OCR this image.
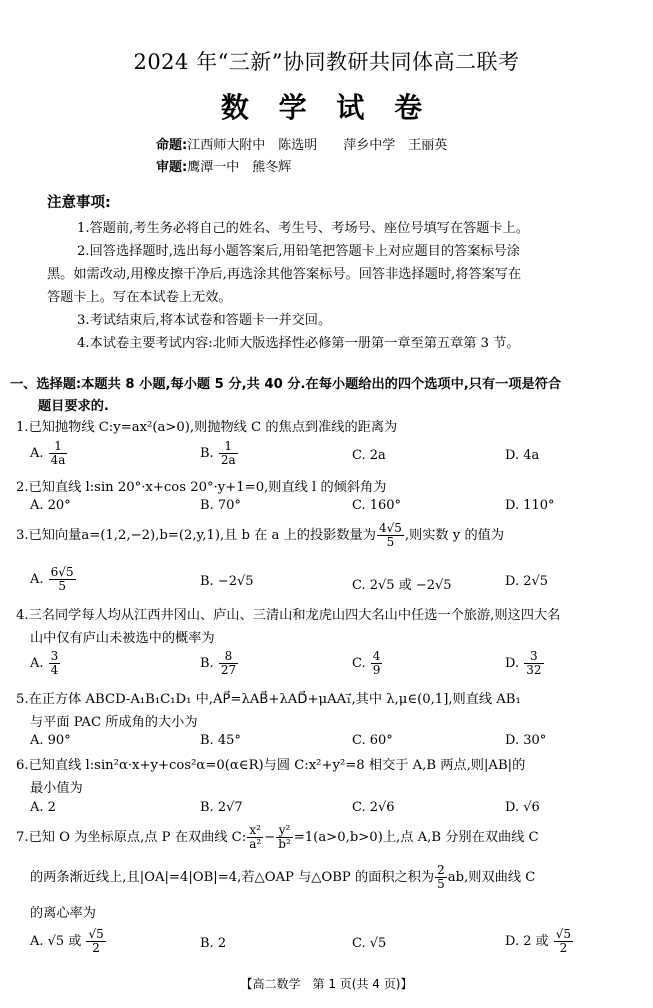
2024 年“三新”协同教研共同体高二联考
数 学 试 卷
命题:江西师大附中　陈选明　　萍乡中学　王丽英
审题:鹰潭一中　熊冬辉
注意事项:
1.答题前,考生务必将自己的姓名、考生号、考场号、座位号填写在答题卡上。
2.回答选择题时,选出每小题答案后,用铅笔把答题卡上对应题目的答案标号涂
黑。如需改动,用橡皮擦干净后,再选涂其他答案标号。回答非选择题时,将答案写在
答题卡上。写在本试卷上无效。
3.考试结束后,将本试卷和答题卡一并交回。
4.本试卷主要考试内容:北师大版选择性必修第一册第一章至第五章第 3 节。
一、选择题:本题共 8 小题,每小题 5 分,共 40 分.在每小题给出的四个选项中,只有一项是符合
题目要求的.
1.已知抛物线 C:y=ax²(a>0),则抛物线 C 的焦点到准线的距离为
A. $\frac{1}{4a}$	B. $\frac{1}{2a}$	C. 2a	D. 4a
2.已知直线 l:sin 20°·x+cos 20°·y+1=0,则直线 l 的倾斜角为
A. 20°	B. 70°	C. 160°	D. 110°
3.已知向量a=(1,2,−2),b=(2,y,1),且 b 在 a 上的投影数量为 $\frac{4√5}{5}$ ,则实数 y 的值为
A. $\frac{6√5}{5}$	B. −2√5	C. 2√5 或 −2√5	D. 2√5
4.三名同学每人均从江西井冈山、庐山、三清山和龙虎山四大名山中任选一个旅游,则这四大名
山中仅有庐山未被选中的概率为
A. $\frac{3}{4}$	B. $\frac{8}{27}$	C. $\frac{4}{9}$	D. $\frac{3}{32}$
5.在正方体 ABCD-A₁B₁C₁D₁ 中,AP⃗=λAB⃗+λAD⃗+μAA₁⃗,其中 λ,μ∈(0,1],则直线 AB₁
与平面 PAC 所成角的大小为
A. 90°	B. 45°	C. 60°	D. 30°
6.已知直线 l:sin²α·x+y+cos²α=0(α∈R)与圆 C:x²+y²=8 相交于 A,B 两点,则|AB|的
最小值为
A. 2	B. 2√7	C. 2√6	D. √6
7.已知 O 为坐标原点,点 P 在双曲线 C: $\frac{\text{x²}}{\text{a²}} - \frac{\text{y²}}{\text{b²}} =1(a>0,b>0)$上,点 A,B 分别在双曲线 C
的两条渐近线上,且|OA|=4|OB|=4,若△OAP 与△OBP 的面积之积为 $\frac{2}{5}$ ab,则双曲线 C
的离心率为
A. √5 或 $\frac{√5}{2}$	B. 2	C. √5	D. 2 或 $\frac{√5}{2}$
【高二数学　第 1 页(共 4 页)】
